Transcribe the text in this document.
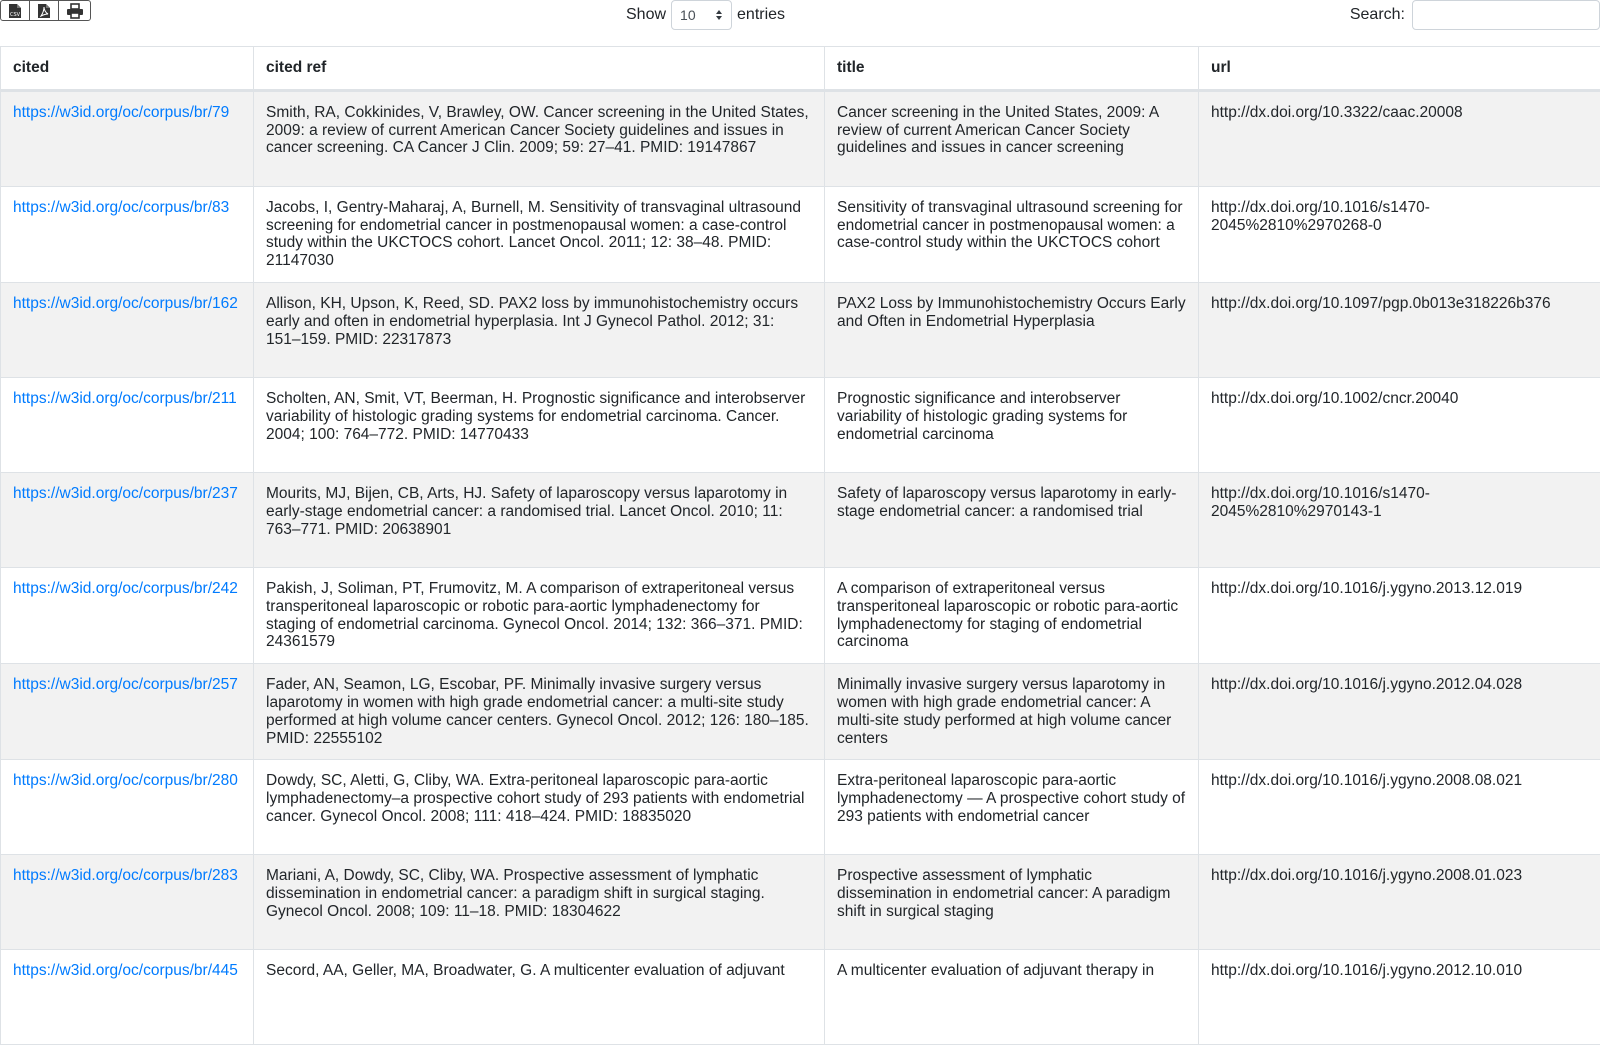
CSV	Show 10	entries	Search:
cited	cited ref	title	url
https://w3id.org/oc/corpus/br/79	Smith, RA, Cokkinides, V, Brawley, OW. Cancer screening in the United States, 2009: a review of current American Cancer Society guidelines and issues in cancer screening. CA Cancer J Clin. 2009; 59: 27–41. PMID: 19147867	Cancer screening in the United States, 2009: A review of current American Cancer Society guidelines and issues in cancer screening	http://dx.doi.org/10.3322/caac.20008
https://w3id.org/oc/corpus/br/83	Jacobs, I, Gentry-Maharaj, A, Burnell, M. Sensitivity of transvaginal ultrasound screening for endometrial cancer in postmenopausal women: a case-control study within the UKCTOCS cohort. Lancet Oncol. 2011; 12: 38–48. PMID: 21147030	Sensitivity of transvaginal ultrasound screening for endometrial cancer in postmenopausal women: a case-control study within the UKCTOCS cohort	http://dx.doi.org/10.1016/s1470-2045%2810%2970268-0
https://w3id.org/oc/corpus/br/162	Allison, KH, Upson, K, Reed, SD. PAX2 loss by immunohistochemistry occurs early and often in endometrial hyperplasia. Int J Gynecol Pathol. 2012; 31: 151–159. PMID: 22317873	PAX2 Loss by Immunohistochemistry Occurs Early and Often in Endometrial Hyperplasia	http://dx.doi.org/10.1097/pgp.0b013e318226b376
https://w3id.org/oc/corpus/br/211	Scholten, AN, Smit, VT, Beerman, H. Prognostic significance and interobserver variability of histologic grading systems for endometrial carcinoma. Cancer. 2004; 100: 764–772. PMID: 14770433	Prognostic significance and interobserver variability of histologic grading systems for endometrial carcinoma	http://dx.doi.org/10.1002/cncr.20040
https://w3id.org/oc/corpus/br/237	Mourits, MJ, Bijen, CB, Arts, HJ. Safety of laparoscopy versus laparotomy in early-stage endometrial cancer: a randomised trial. Lancet Oncol. 2010; 11: 763–771. PMID: 20638901	Safety of laparoscopy versus laparotomy in early-stage endometrial cancer: a randomised trial	http://dx.doi.org/10.1016/s1470-2045%2810%2970143-1
https://w3id.org/oc/corpus/br/242	Pakish, J, Soliman, PT, Frumovitz, M. A comparison of extraperitoneal versus transperitoneal laparoscopic or robotic para-aortic lymphadenectomy for staging of endometrial carcinoma. Gynecol Oncol. 2014; 132: 366–371. PMID: 24361579	A comparison of extraperitoneal versus transperitoneal laparoscopic or robotic para-aortic lymphadenectomy for staging of endometrial carcinoma	http://dx.doi.org/10.1016/j.ygyno.2013.12.019
https://w3id.org/oc/corpus/br/257	Fader, AN, Seamon, LG, Escobar, PF. Minimally invasive surgery versus laparotomy in women with high grade endometrial cancer: a multi-site study performed at high volume cancer centers. Gynecol Oncol. 2012; 126: 180–185. PMID: 22555102	Minimally invasive surgery versus laparotomy in women with high grade endometrial cancer: A multi-site study performed at high volume cancer centers	http://dx.doi.org/10.1016/j.ygyno.2012.04.028
https://w3id.org/oc/corpus/br/280	Dowdy, SC, Aletti, G, Cliby, WA. Extra-peritoneal laparoscopic para-aortic lymphadenectomy–a prospective cohort study of 293 patients with endometrial cancer. Gynecol Oncol. 2008; 111: 418–424. PMID: 18835020	Extra-peritoneal laparoscopic para-aortic lymphadenectomy — A prospective cohort study of 293 patients with endometrial cancer	http://dx.doi.org/10.1016/j.ygyno.2008.08.021
https://w3id.org/oc/corpus/br/283	Mariani, A, Dowdy, SC, Cliby, WA. Prospective assessment of lymphatic dissemination in endometrial cancer: a paradigm shift in surgical staging. Gynecol Oncol. 2008; 109: 11–18. PMID: 18304622	Prospective assessment of lymphatic dissemination in endometrial cancer: A paradigm shift in surgical staging	http://dx.doi.org/10.1016/j.ygyno.2008.01.023
https://w3id.org/oc/corpus/br/445	Secord, AA, Geller, MA, Broadwater, G. A multicenter evaluation of adjuvant	A multicenter evaluation of adjuvant therapy in	http://dx.doi.org/10.1016/j.ygyno.2012.10.010
